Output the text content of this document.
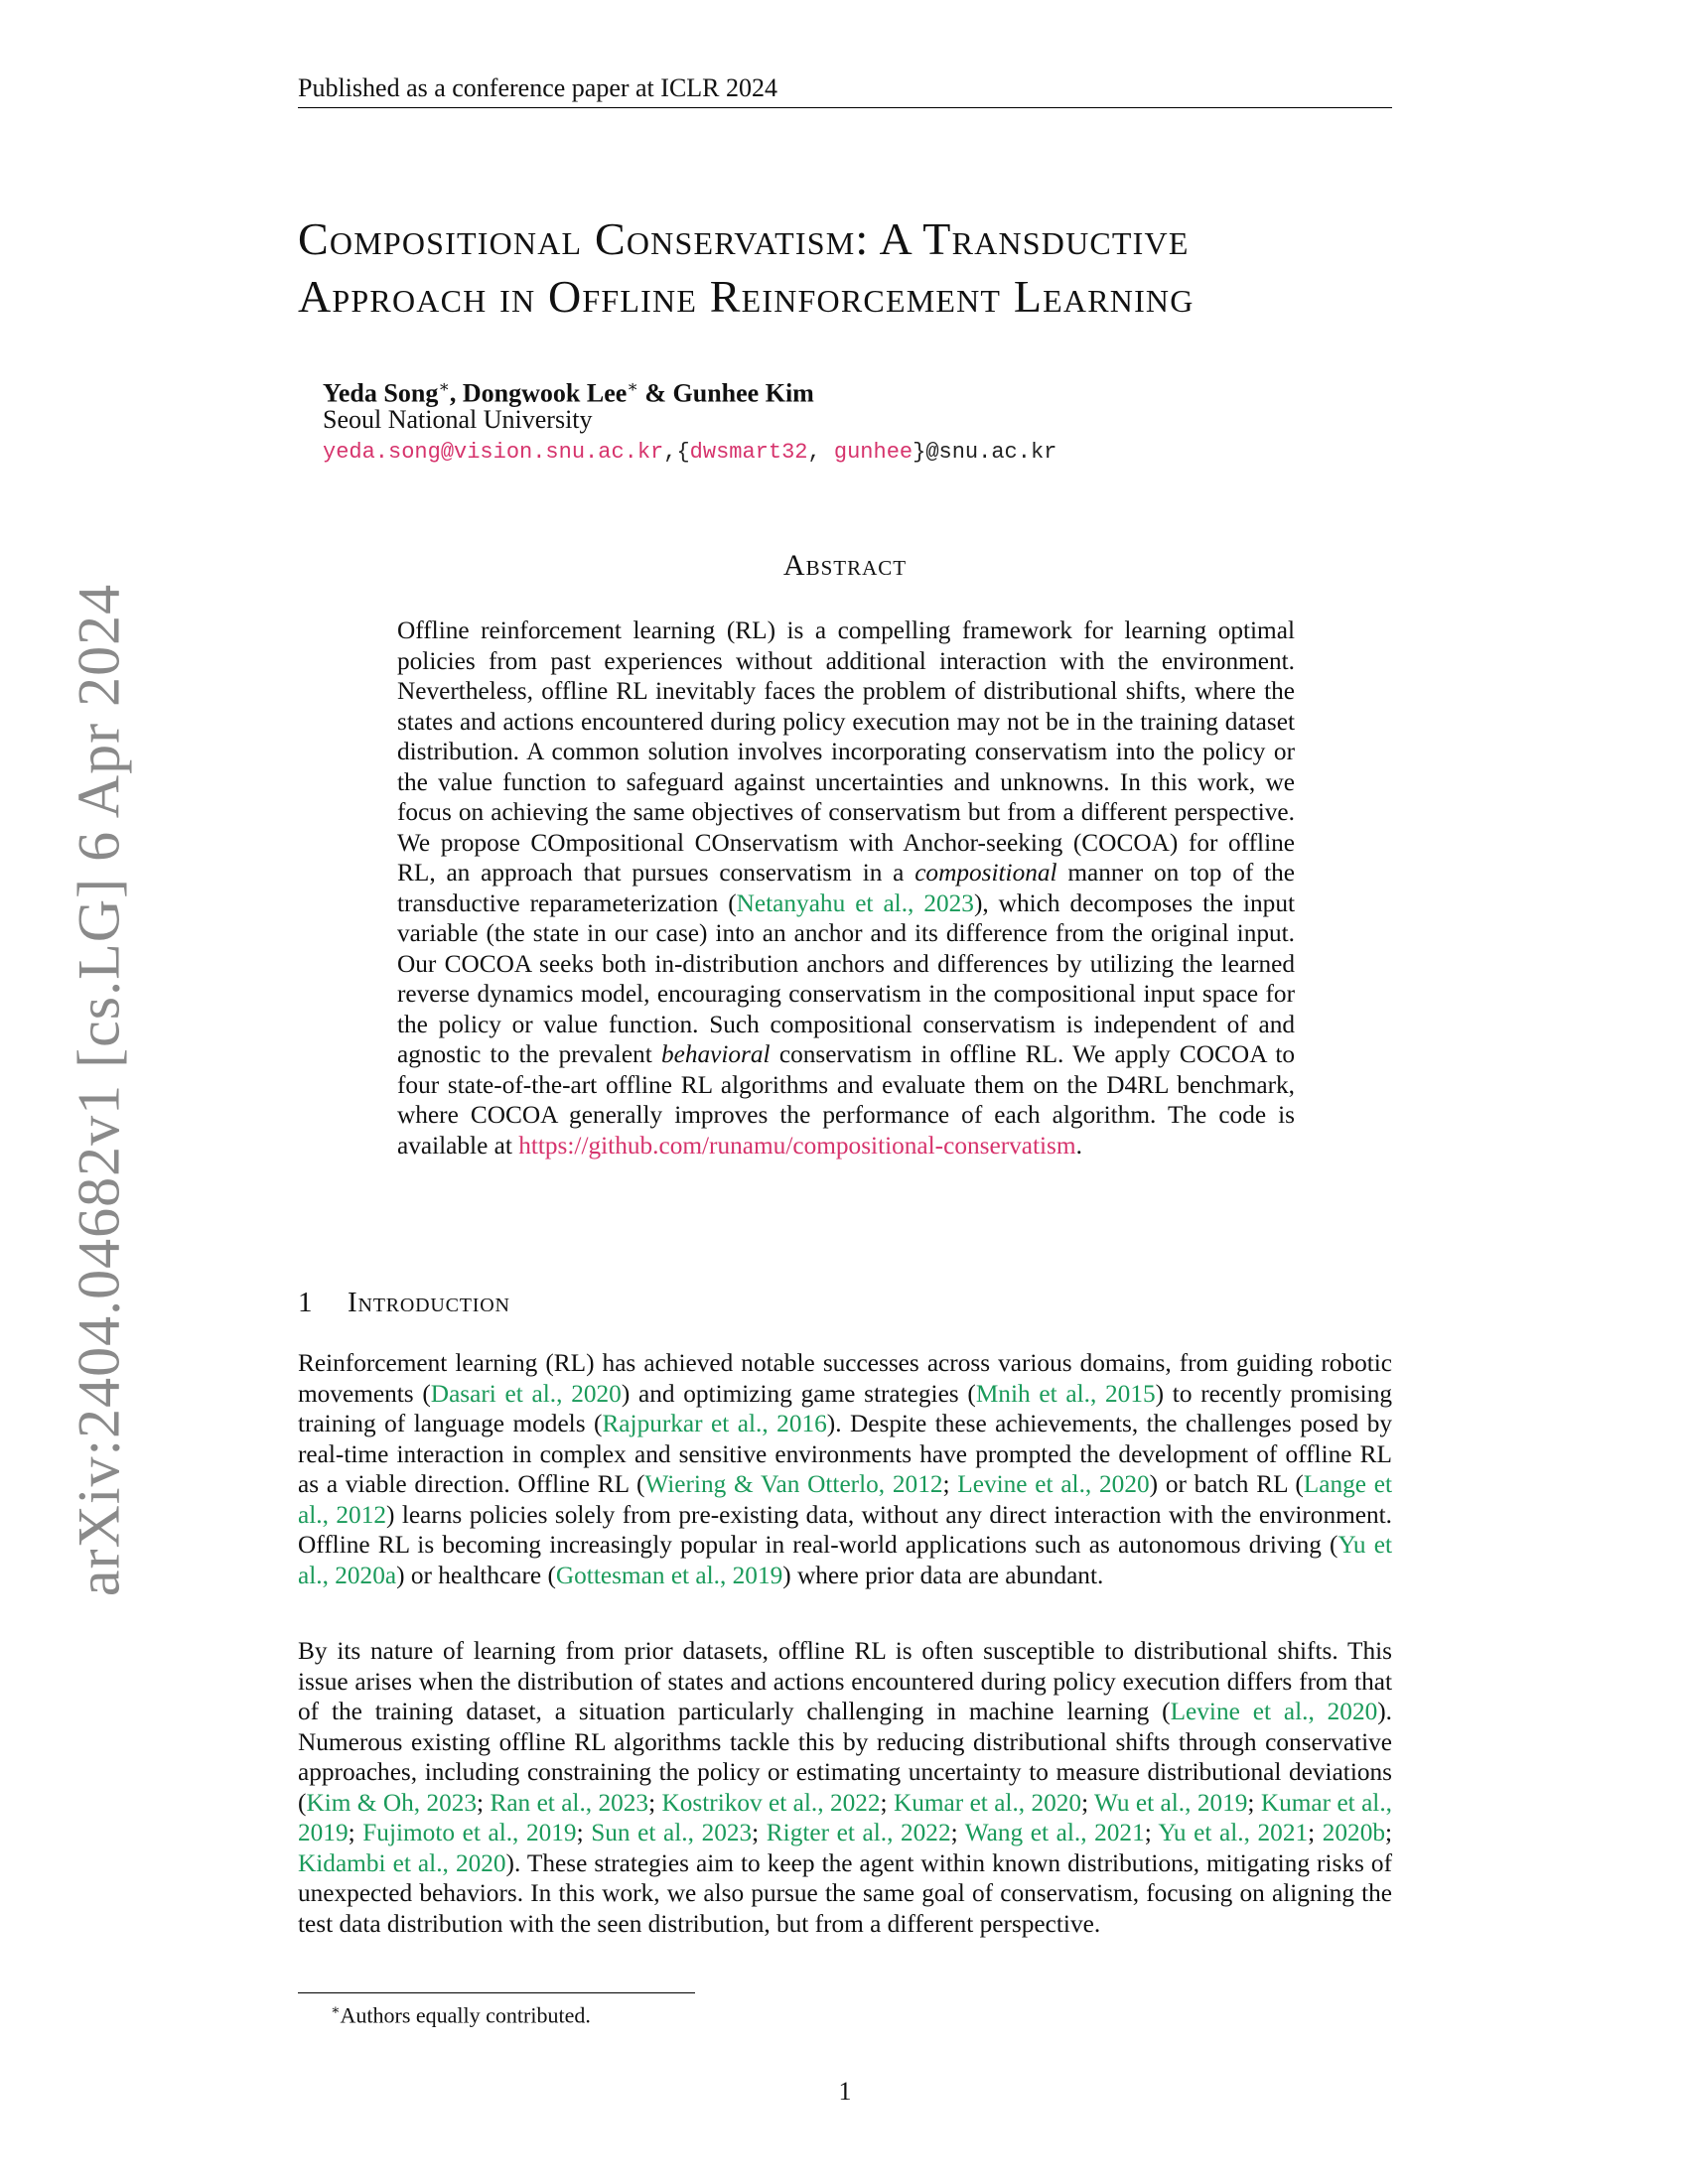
Published as a conference paper at ICLR 2024
arXiv:2404.04682v1 [cs.LG] 6 Apr 2024
Compositional Conservatism: A Transductive
Approach in Offline Reinforcement Learning
Yeda Song∗, Dongwook Lee∗ & Gunhee Kim
Seoul National University
yeda.song@vision.snu.ac.kr,{dwsmart32, gunhee}@snu.ac.kr
Abstract
Offline reinforcement learning (RL) is a compelling framework for learning optimal policies from past experiences without additional interaction with the environment. Nevertheless, offline RL inevitably faces the problem of distributional shifts, where the states and actions encountered during policy execution may not be in the training dataset distribution. A common solution involves incorporating conservatism into the policy or the value function to safeguard against uncertainties and unknowns. In this work, we focus on achieving the same objectives of conservatism but from a different perspective. We propose COmpositional COnservatism with Anchor-seeking (COCOA) for offline RL, an approach that pursues conservatism in a compositional manner on top of the transductive reparameterization (Netanyahu et al., 2023), which decomposes the input variable (the state in our case) into an anchor and its difference from the original input. Our COCOA seeks both in-distribution anchors and differences by utilizing the learned reverse dynamics model, encouraging conservatism in the compositional input space for the policy or value function. Such compositional conservatism is independent of and agnostic to the prevalent behavioral conservatism in offline RL. We apply COCOA to four state-of-the-art offline RL algorithms and evaluate them on the D4RL benchmark, where COCOA generally improves the performance of each algorithm. The code is available at https://github.com/runamu/compositional-conservatism.
1 Introduction
Reinforcement learning (RL) has achieved notable successes across various domains, from guiding robotic movements (Dasari et al., 2020) and optimizing game strategies (Mnih et al., 2015) to recently promising training of language models (Rajpurkar et al., 2016). Despite these achievements, the challenges posed by real-time interaction in complex and sensitive environments have prompted the development of offline RL as a viable direction. Offline RL (Wiering & Van Otterlo, 2012; Levine et al., 2020) or batch RL (Lange et al., 2012) learns policies solely from pre-existing data, without any direct interaction with the environment. Offline RL is becoming increasingly popular in real-world applications such as autonomous driving (Yu et al., 2020a) or healthcare (Gottesman et al., 2019) where prior data are abundant.
By its nature of learning from prior datasets, offline RL is often susceptible to distributional shifts. This issue arises when the distribution of states and actions encountered during policy execution differs from that of the training dataset, a situation particularly challenging in machine learning (Levine et al., 2020). Numerous existing offline RL algorithms tackle this by reducing distributional shifts through conservative approaches, including constraining the policy or estimating uncertainty to measure distributional deviations (Kim & Oh, 2023; Ran et al., 2023; Kostrikov et al., 2022; Kumar et al., 2020; Wu et al., 2019; Kumar et al., 2019; Fujimoto et al., 2019; Sun et al., 2023; Rigter et al., 2022; Wang et al., 2021; Yu et al., 2021; 2020b; Kidambi et al., 2020). These strategies aim to keep the agent within known distributions, mitigating risks of unexpected behaviors. In this work, we also pursue the same goal of conservatism, focusing on aligning the test data distribution with the seen distribution, but from a different perspective.
∗Authors equally contributed.
1
